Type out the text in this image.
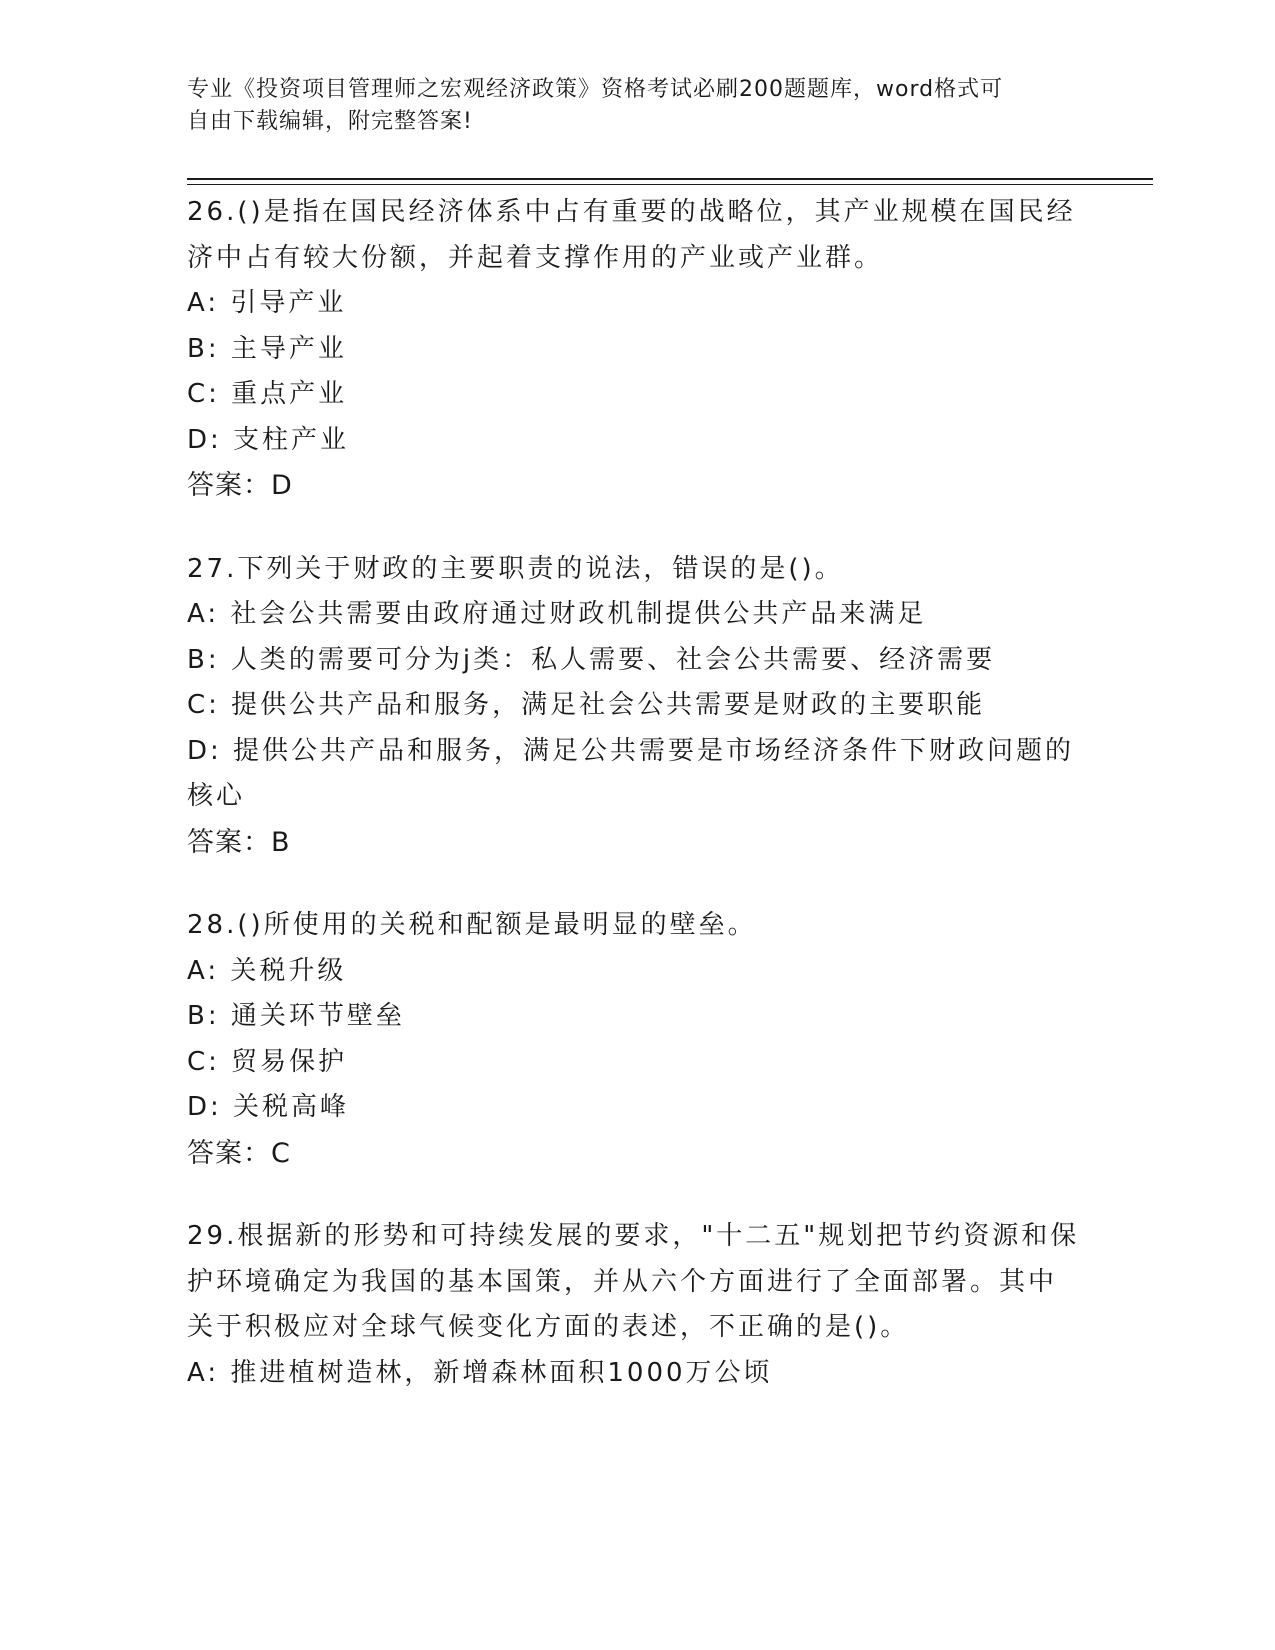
专业《投资项目管理师之宏观经济政策》资格考试必刷200题题库，word格式可
自由下载编辑，附完整答案!
26.()是指在国民经济体系中占有重要的战略位，其产业规模在国民经
济中占有较大份额，并起着支撑作用的产业或产业群。
A: 引导产业
B: 主导产业
C: 重点产业
D: 支柱产业
答案：D
27.下列关于财政的主要职责的说法，错误的是()。
A: 社会公共需要由政府通过财政机制提供公共产品来满足
B: 人类的需要可分为j类：私人需要、社会公共需要、经济需要
C: 提供公共产品和服务，满足社会公共需要是财政的主要职能
D: 提供公共产品和服务，满足公共需要是市场经济条件下财政问题的
核心
答案：B
28.()所使用的关税和配额是最明显的壁垒。
A: 关税升级
B: 通关环节壁垒
C: 贸易保护
D: 关税高峰
答案：C
29.根据新的形势和可持续发展的要求，"十二五"规划把节约资源和保
护环境确定为我国的基本国策，并从六个方面进行了全面部署。其中
关于积极应对全球气候变化方面的表述，不正确的是()。
A: 推进植树造林，新增森林面积1000万公顷
